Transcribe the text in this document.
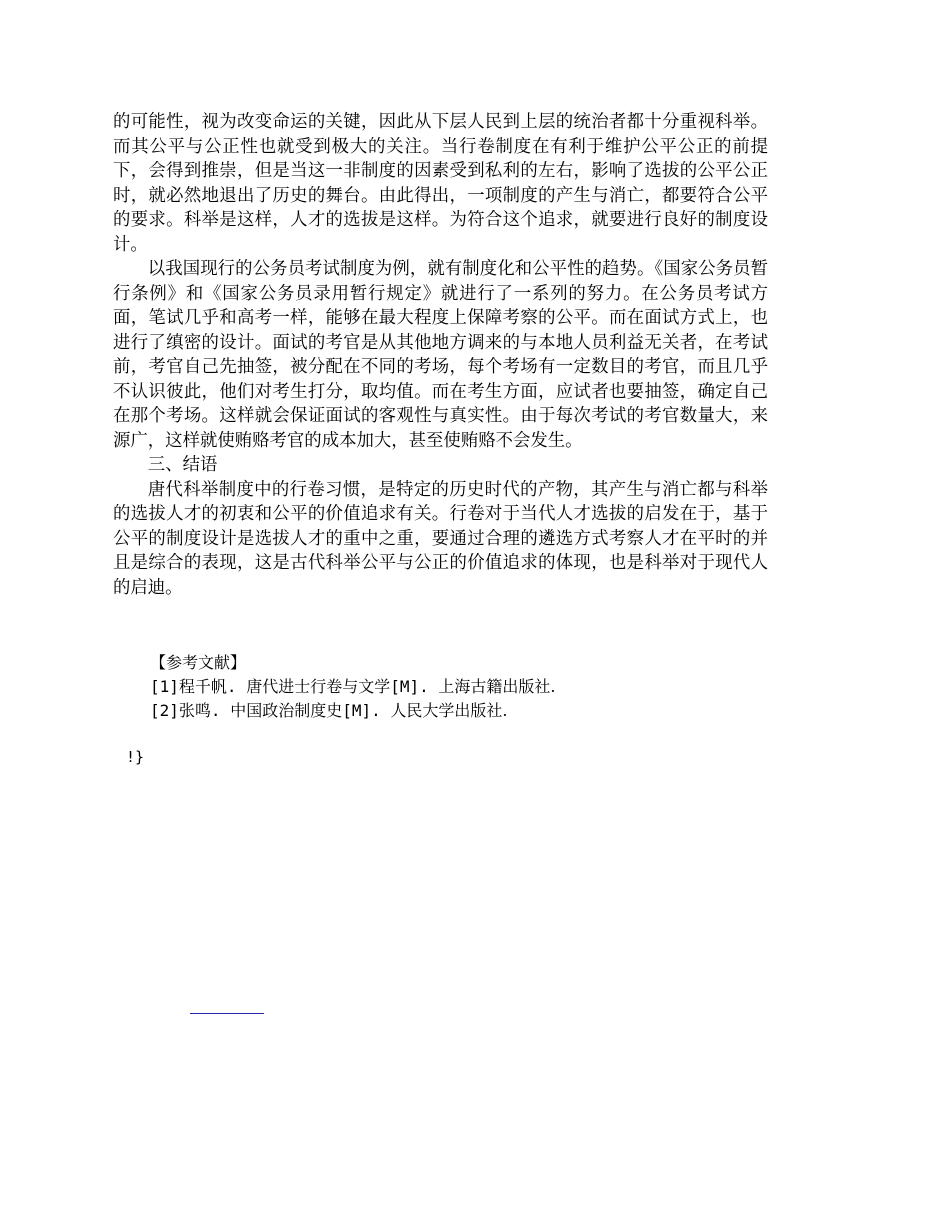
的可能性，视为改变命运的关键，因此从下层人民到上层的统治者都十分重视科举。而其公平与公正性也就受到极大的关注。当行卷制度在有利于维护公平公正的前提下，会得到推崇，但是当这一非制度的因素受到私利的左右，影响了选拔的公平公正时，就必然地退出了历史的舞台。由此得出，一项制度的产生与消亡，都要符合公平的要求。科举是这样，人才的选拔是这样。为符合这个追求，就要进行良好的制度设计。

以我国现行的公务员考试制度为例，就有制度化和公平性的趋势。《国家公务员暂行条例》和《国家公务员录用暂行规定》就进行了一系列的努力。在公务员考试方面，笔试几乎和高考一样，能够在最大程度上保障考察的公平。而在面试方式上，也进行了缜密的设计。面试的考官是从其他地方调来的与本地人员利益无关者，在考试前，考官自己先抽签，被分配在不同的考场，每个考场有一定数目的考官，而且几乎不认识彼此，他们对考生打分，取均值。而在考生方面，应试者也要抽签，确定自己在那个考场。这样就会保证面试的客观性与真实性。由于每次考试的考官数量大，来源广，这样就使贿赂考官的成本加大，甚至使贿赂不会发生。

三、结语

唐代科举制度中的行卷习惯，是特定的历史时代的产物，其产生与消亡都与科举的选拔人才的初衷和公平的价值追求有关。行卷对于当代人才选拔的启发在于，基于公平的制度设计是选拔人才的重中之重，要通过合理的遴选方式考察人才在平时的并且是综合的表现，这是古代科举公平与公正的价值追求的体现，也是科举对于现代人的启迪。

【参考文献】

[1]程千帆. 唐代进士行卷与文学[M]. 上海古籍出版社.

[2]张鸣. 中国政治制度史[M]. 人民大学出版社.

!}
